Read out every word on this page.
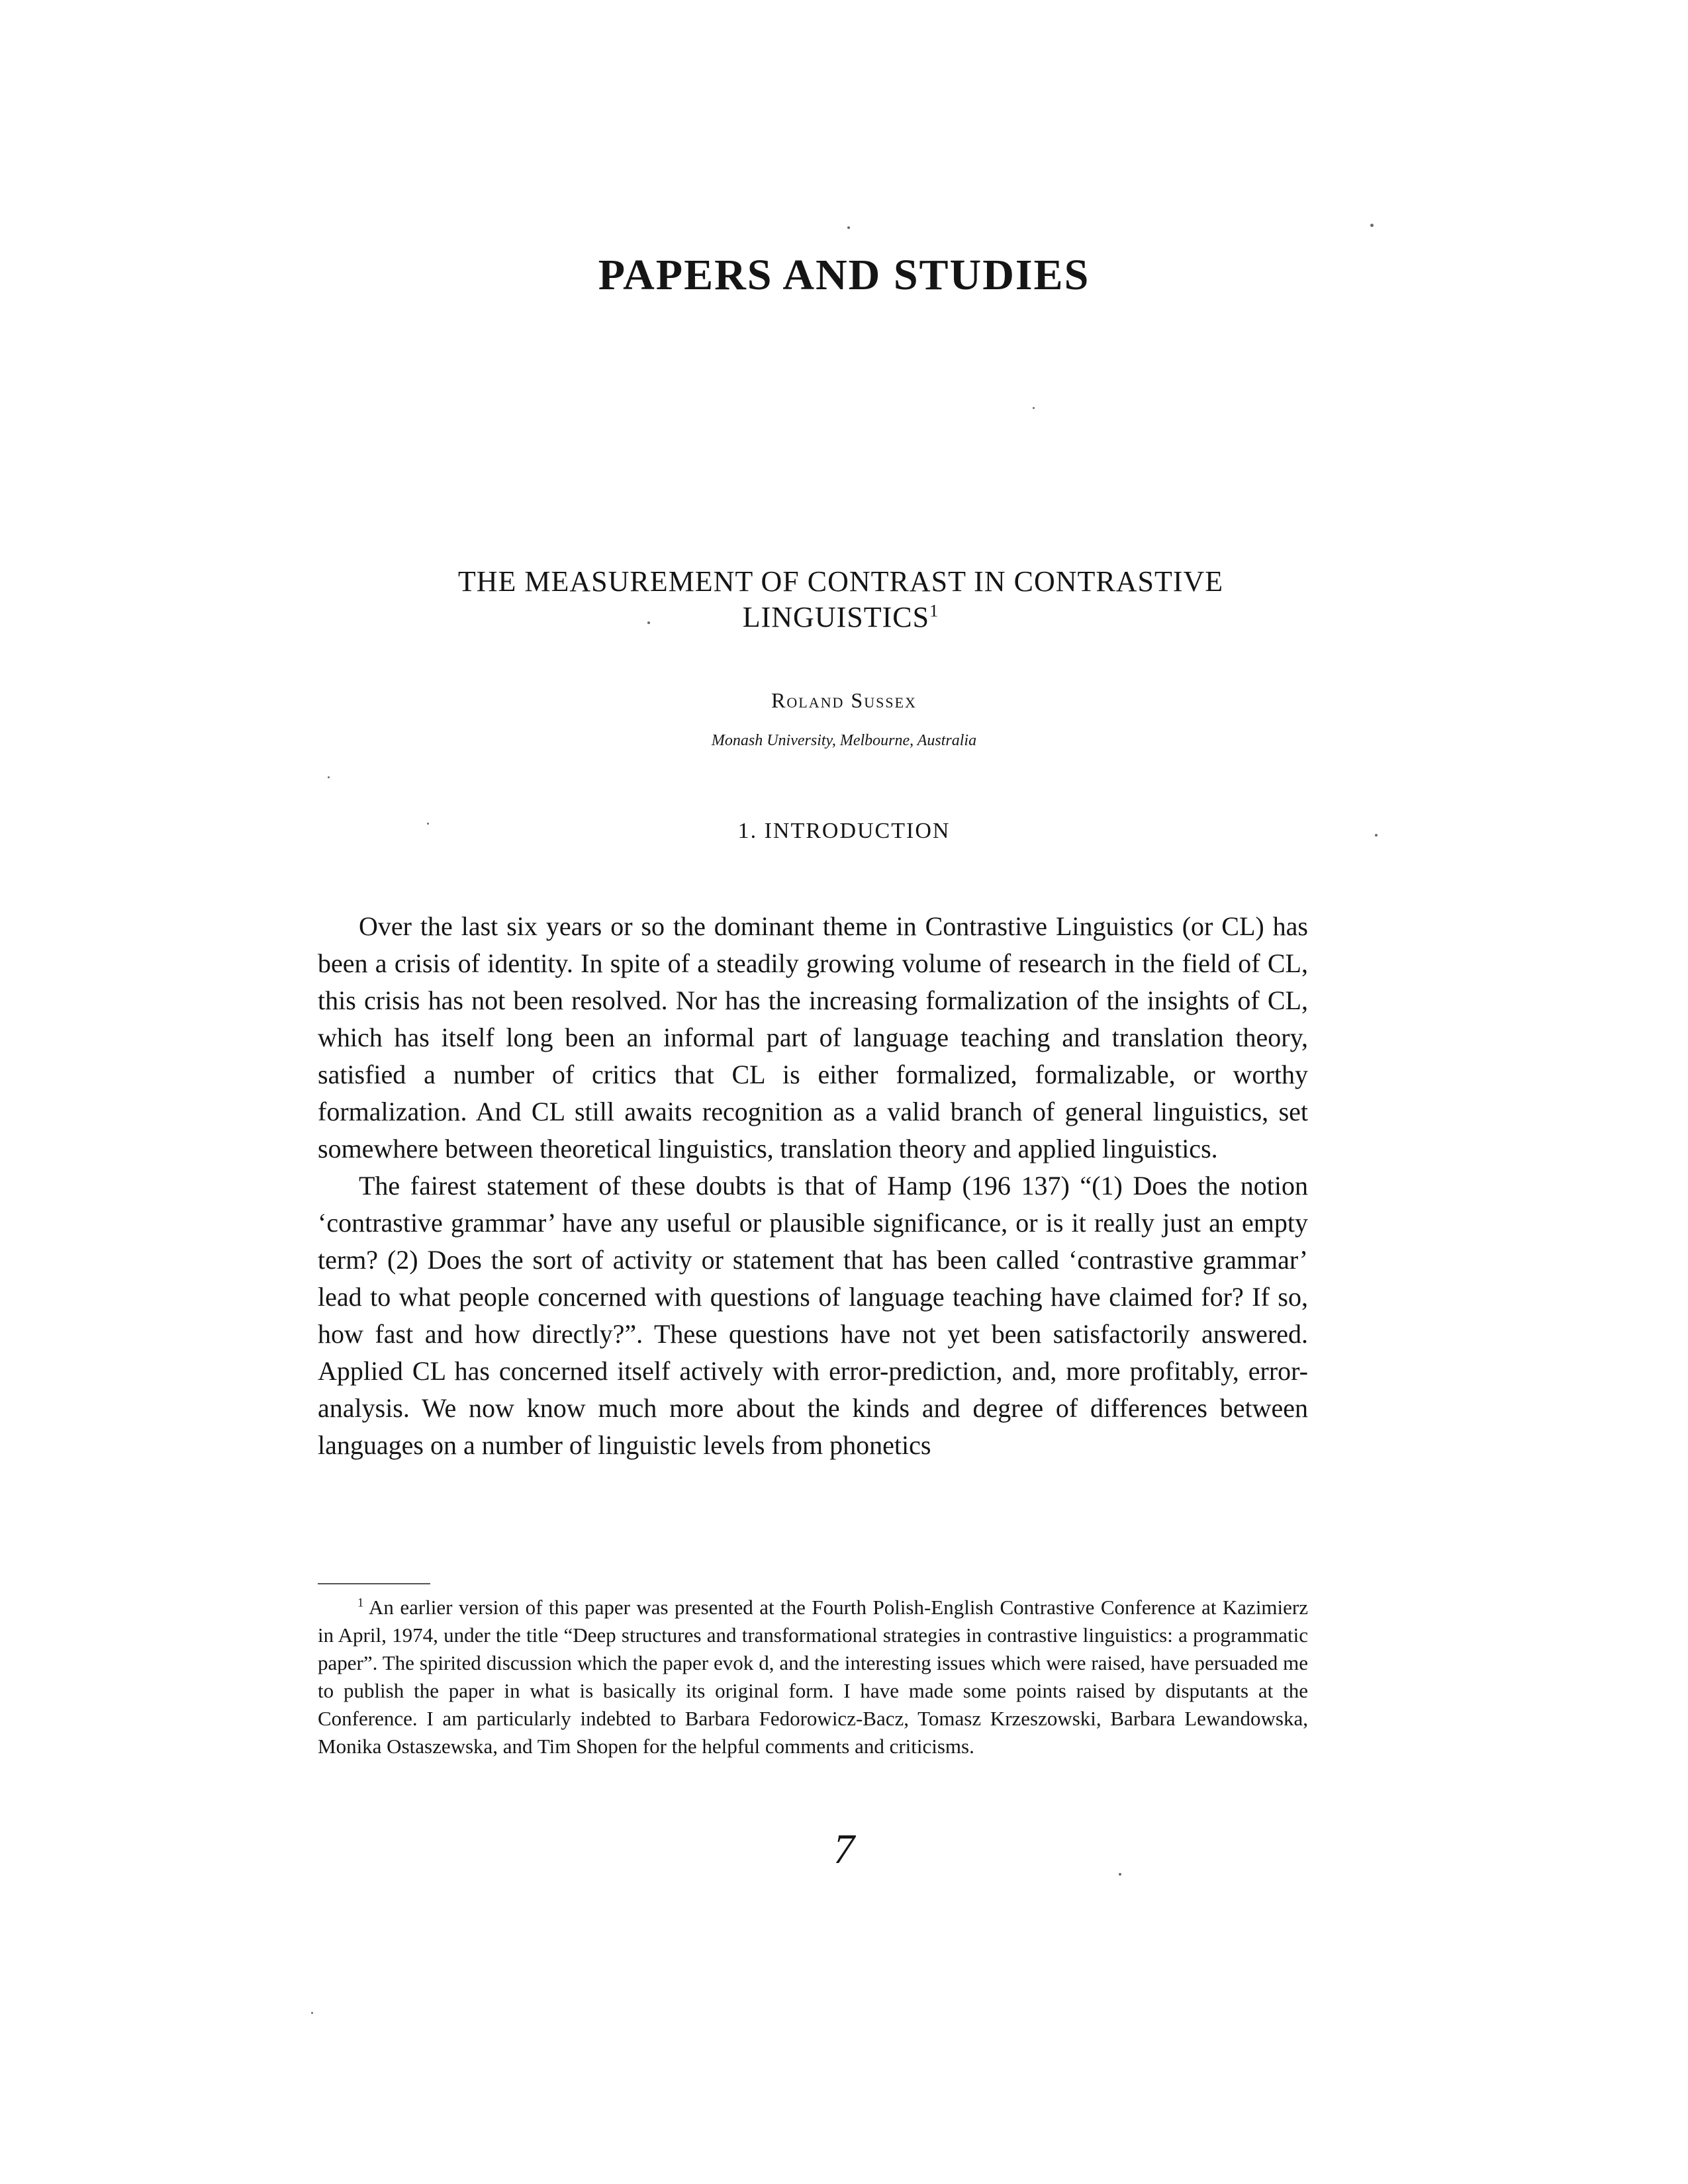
PAPERS AND STUDIES
THE MEASUREMENT OF CONTRAST IN CONTRASTIVE LINGUISTICS$^1$
Roland Sussex
Monash University, Melbourne, Australia
1. INTRODUCTION

Over the last six years or so the dominant theme in Contrastive Linguistics (or CL) has been a crisis of identity. In spite of a steadily growing volume of research in the field of CL, this crisis has not been resolved. Nor has the increasing formalization of the insights of CL, which has itself long been an informal part of language teaching and translation theory, satisfied a number of critics that CL is either formalized, formalizable, or worthy formalization. And CL still awaits recognition as a valid branch of general linguistics, set somewhere between theoretical linguistics, translation theory and applied linguistics.

The fairest statement of these doubts is that of Hamp (196 137) “(1) Does the notion ‘contrastive grammar’ have any useful or plausible significance, or is it really just an empty term? (2) Does the sort of activity or statement that has been called ‘contrastive grammar’ lead to what people concerned with questions of language teaching have claimed for? If so, how fast and how directly?”. These questions have not yet been satisfactorily answered. Applied CL has concerned itself actively with error-prediction, and, more profitably, error-analysis. We now know much more about the kinds and degree of differences between languages on a number of linguistic levels from phonetics

$^1$ An earlier version of this paper was presented at the Fourth Polish-English Contrastive Conference at Kazimierz in April, 1974, under the title “Deep structures and transformational strategies in contrastive linguistics: a programmatic paper”. The spirited discussion which the paper evok d, and the interesting issues which were raised, have persuaded me to publish the paper in what is basically its original form. I have made some points raised by disputants at the Conference. I am particularly indebted to Barbara Fedorowicz-Bacz, Tomasz Krzeszowski, Barbara Lewandowska, Monika Ostaszewska, and Tim Shopen for the helpful comments and criticisms.
7
